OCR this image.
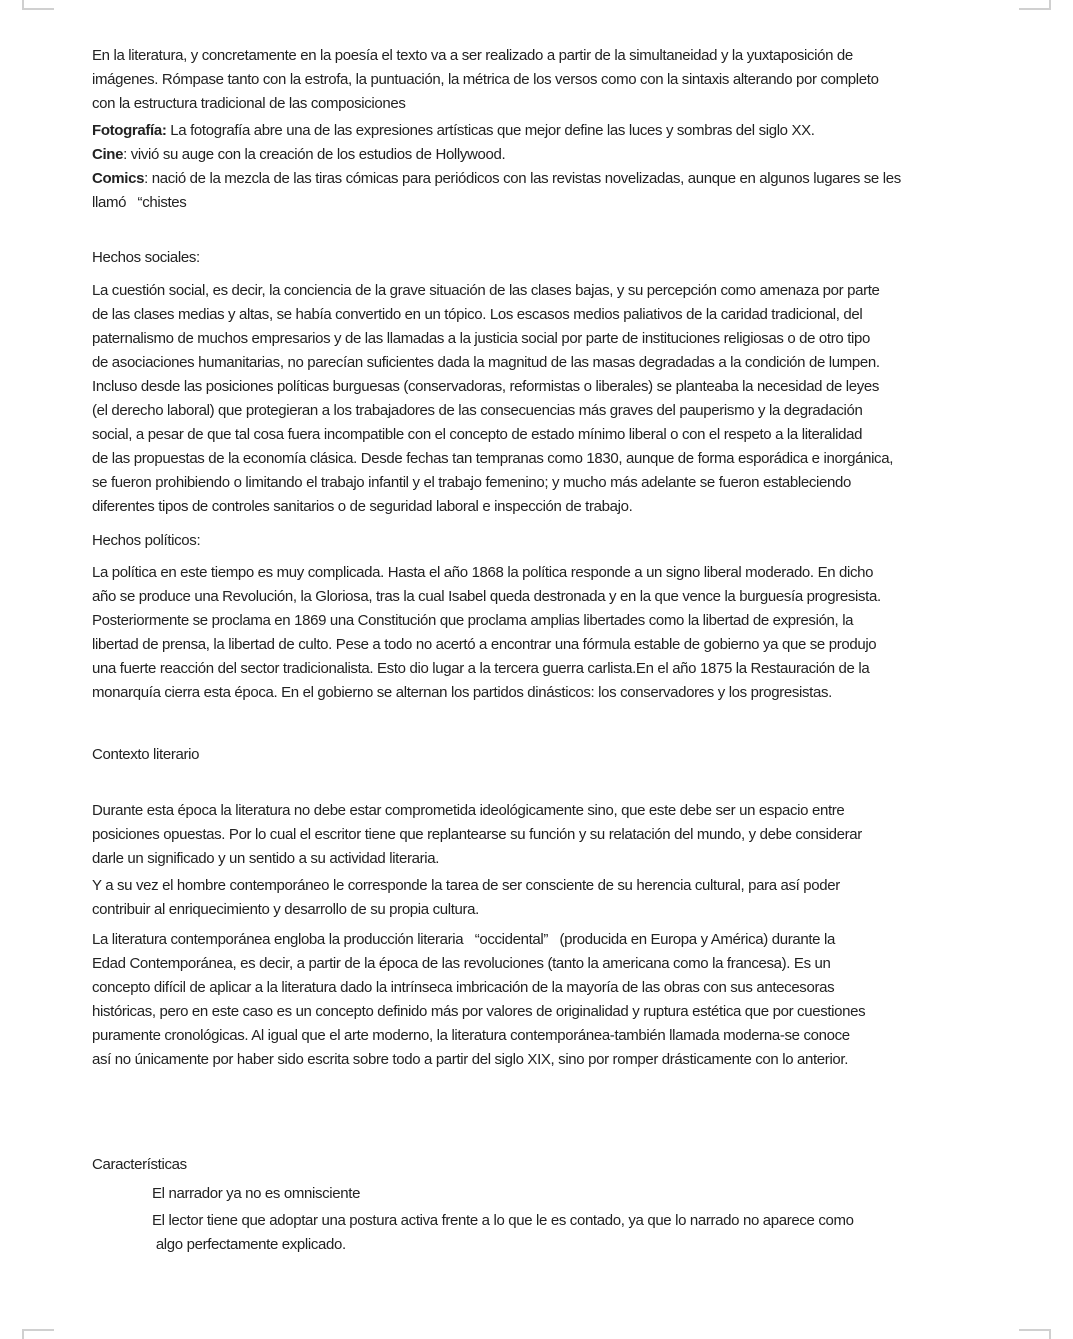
En la literatura, y concretamente en la poesía el texto va a ser realizado a partir de la simultaneidad y la yuxtaposición de
imágenes. Rómpase tanto con la estrofa, la puntuación, la métrica de los versos como con la sintaxis alterando por completo
con la estructura tradicional de las composiciones
Fotografía: La fotografía abre una de las expresiones artísticas que mejor define las luces y sombras del siglo XX.
Cine: vivió su auge con la creación de los estudios de Hollywood.
Comics: nació de la mezcla de las tiras cómicas para periódicos con las revistas novelizadas, aunque en algunos lugares se les
llamó   “chistes
Hechos sociales:
La cuestión social, es decir, la conciencia de la grave situación de las clases bajas, y su percepción como amenaza por parte
de las clases medias y altas, se había convertido en un tópico. Los escasos medios paliativos de la caridad tradicional, del
paternalismo de muchos empresarios y de las llamadas a la justicia social por parte de instituciones religiosas o de otro tipo
de asociaciones humanitarias, no parecían suficientes dada la magnitud de las masas degradadas a la condición de lumpen.
Incluso desde las posiciones políticas burguesas (conservadoras, reformistas o liberales) se planteaba la necesidad de leyes
(el derecho laboral) que protegieran a los trabajadores de las consecuencias más graves del pauperismo y la degradación
social, a pesar de que tal cosa fuera incompatible con el concepto de estado mínimo liberal o con el respeto a la literalidad
de las propuestas de la economía clásica. Desde fechas tan tempranas como 1830, aunque de forma esporádica e inorgánica,
se fueron prohibiendo o limitando el trabajo infantil y el trabajo femenino; y mucho más adelante se fueron estableciendo
diferentes tipos de controles sanitarios o de seguridad laboral e inspección de trabajo.
Hechos políticos:
La política en este tiempo es muy complicada. Hasta el año 1868 la política responde a un signo liberal moderado. En dicho
año se produce una Revolución, la Gloriosa, tras la cual Isabel queda destronada y en la que vence la burguesía progresista.
Posteriormente se proclama en 1869 una Constitución que proclama amplias libertades como la libertad de expresión, la
libertad de prensa, la libertad de culto. Pese a todo no acertó a encontrar una fórmula estable de gobierno ya que se produjo
una fuerte reacción del sector tradicionalista. Esto dio lugar a la tercera guerra carlista.En el año 1875 la Restauración de la
monarquía cierra esta época. En el gobierno se alternan los partidos dinásticos: los conservadores y los progresistas.
Contexto literario
Durante esta época la literatura no debe estar comprometida ideológicamente sino, que este debe ser un espacio entre
posiciones opuestas. Por lo cual el escritor tiene que replantearse su función y su relatación del mundo, y debe considerar
darle un significado y un sentido a su actividad literaria.
Y a su vez el hombre contemporáneo le corresponde la tarea de ser consciente de su herencia cultural, para así poder
contribuir al enriquecimiento y desarrollo de su propia cultura.
La literatura contemporánea engloba la producción literaria   “occidental”   (producida en Europa y América) durante la
Edad Contemporánea, es decir, a partir de la época de las revoluciones (tanto la americana como la francesa). Es un
concepto difícil de aplicar a la literatura dado la intrínseca imbricación de la mayoría de las obras con sus antecesoras
históricas, pero en este caso es un concepto definido más por valores de originalidad y ruptura estética que por cuestiones
puramente cronológicas. Al igual que el arte moderno, la literatura contemporánea-también llamada moderna-se conoce
así no únicamente por haber sido escrita sobre todo a partir del siglo XIX, sino por romper drásticamente con lo anterior.
Características
El narrador ya no es omnisciente
El lector tiene que adoptar una postura activa frente a lo que le es contado, ya que lo narrado no aparece como
algo perfectamente explicado.
